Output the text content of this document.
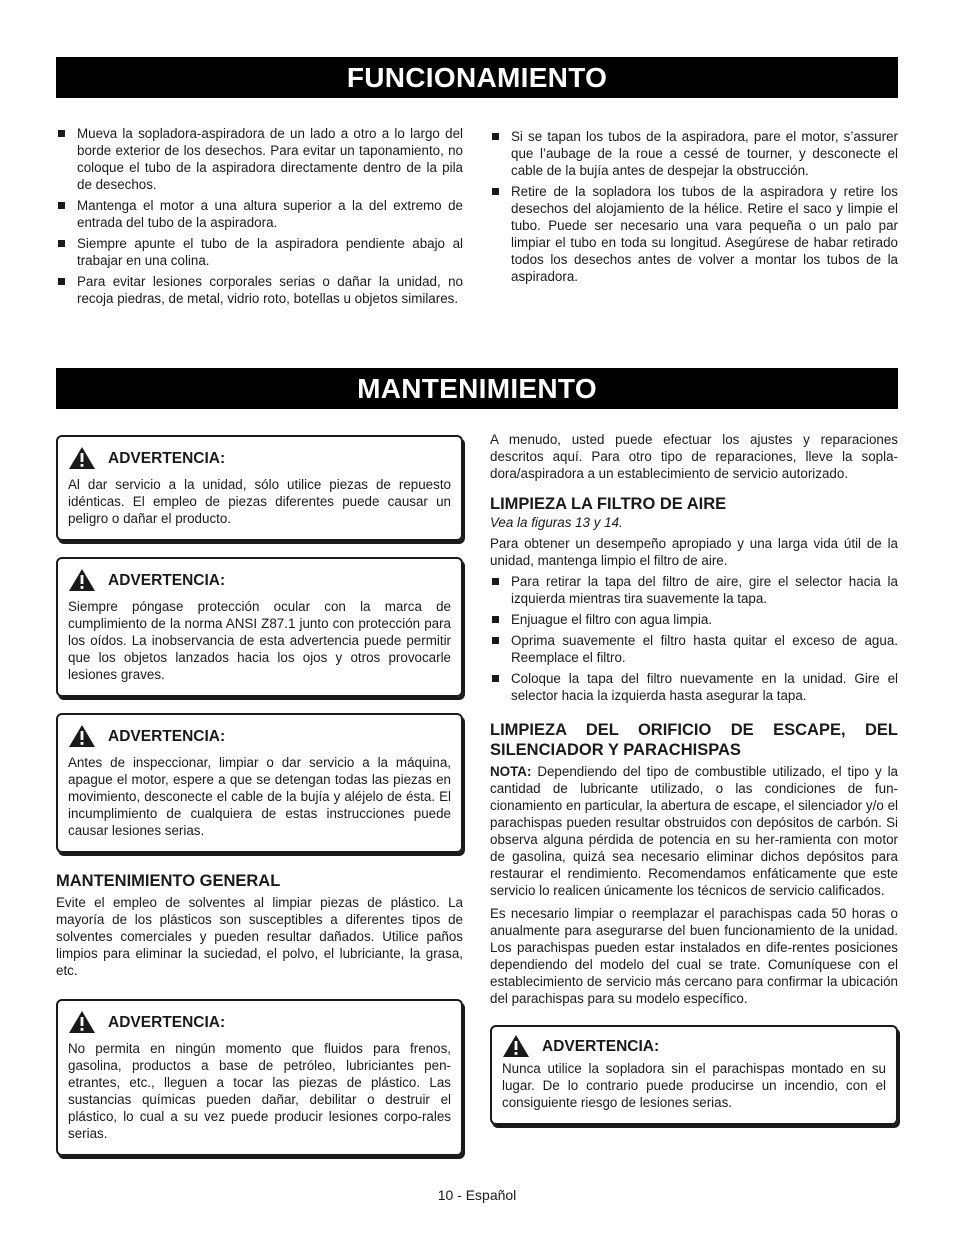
FUNCIONAMIENTO
Mueva la sopladora-aspiradora de un lado a otro a lo largo del borde exterior de los desechos. Para evitar un taponamiento, no coloque el tubo de la aspiradora directamente dentro de la pila de desechos.
Mantenga el motor a una altura superior a la del extremo de entrada del tubo de la aspiradora.
Siempre apunte el tubo de la aspiradora pendiente abajo al trabajar en una colina.
Para evitar lesiones corporales serias o dañar la unidad, no recoja piedras, de metal, vidrio roto, botellas u objetos similares.
Si se tapan los tubos de la aspiradora, pare el motor, s’assurer que l’aubage de la roue a cessé de tourner, y desconecte el cable de la bujía antes de despejar la obstrucción.
Retire de la sopladora los tubos de la aspiradora y retire los desechos del alojamiento de la hélice. Retire el saco y limpie el tubo. Puede ser necesario una vara pequeña o un palo par limpiar el tubo en toda su longitud. Asegúrese de habar retirado todos los desechos antes de volver a montar los tubos de la aspiradora.
MANTENIMIENTO
ADVERTENCIA:

Al dar servicio a la unidad, sólo utilice piezas de repuesto idénticas. El empleo de piezas diferentes puede causar un peligro o dañar el producto.

ADVERTENCIA:

Siempre póngase protección ocular con la marca de cumplimiento de la norma ANSI Z87.1 junto con protección para los oídos. La inobservancia de esta advertencia puede permitir que los objetos lanzados hacia los ojos y otros provocarle lesiones graves.

ADVERTENCIA:

Antes de inspeccionar, limpiar o dar servicio a la máquina, apague el motor, espere a que se detengan todas las piezas en movimiento, desconecte el cable de la bujía y aléjelo de ésta. El incumplimiento de cualquiera de estas instrucciones puede causar lesiones serias.

MANTENIMIENTO GENERAL

Evite el empleo de solventes al limpiar piezas de plástico. La mayoría de los plásticos son susceptibles a diferentes tipos de solventes comerciales y pueden resultar dañados. Utilice paños limpios para eliminar la suciedad, el polvo, el lubriciante, la grasa, etc.

ADVERTENCIA:

No permita en ningún momento que fluidos para frenos, gasolina, productos a base de petróleo, lubriciantes pen-etrantes, etc., lleguen a tocar las piezas de plástico. Las sustancias químicas pueden dañar, debilitar o destruir el plástico, lo cual a su vez puede producir lesiones corpo-rales serias.

A menudo, usted puede efectuar los ajustes y reparaciones descritos aquí. Para otro tipo de reparaciones, lleve la sopla-dora/aspiradora a un establecimiento de servicio autorizado.

LIMPIEZA LA FILTRO DE AIRE

Vea la figuras 13 y 14.

Para obtener un desempeño apropiado y una larga vida útil de la unidad, mantenga limpio el filtro de aire.

Para retirar la tapa del filtro de aire, gire el selector hacia la izquierda mientras tira suavemente la tapa.
Enjuague el filtro con agua limpia.
Oprima suavemente el filtro hasta quitar el exceso de agua. Reemplace el filtro.
Coloque la tapa del filtro nuevamente en la unidad. Gire el selector hacia la izquierda hasta asegurar la tapa.
LIMPIEZA DEL ORIFICIO DE ESCAPE, DEL SILENCIADOR Y PARACHISPAS

NOTA: Dependiendo del tipo de combustible utilizado, el tipo y la cantidad de lubricante utilizado, o las condiciones de fun-cionamiento en particular, la abertura de escape, el silenciador y/o el parachispas pueden resultar obstruidos con depósitos de carbón. Si observa alguna pérdida de potencia en su her-ramienta con motor de gasolina, quizá sea necesario eliminar dichos depósitos para restaurar el rendimiento. Recomendamos enfáticamente que este servicio lo realicen únicamente los técnicos de servicio calificados.

Es necesario limpiar o reemplazar el parachispas cada 50 horas o anualmente para asegurarse del buen funcionamiento de la unidad. Los parachispas pueden estar instalados en dife-rentes posiciones dependiendo del modelo del cual se trate. Comuníquese con el establecimiento de servicio más cercano para confirmar la ubicación del parachispas para su modelo específico.

ADVERTENCIA:

Nunca utilice la sopladora sin el parachispas montado en su lugar. De lo contrario puede producirse un incendio, con el consiguiente riesgo de lesiones serias.

10 - Español
